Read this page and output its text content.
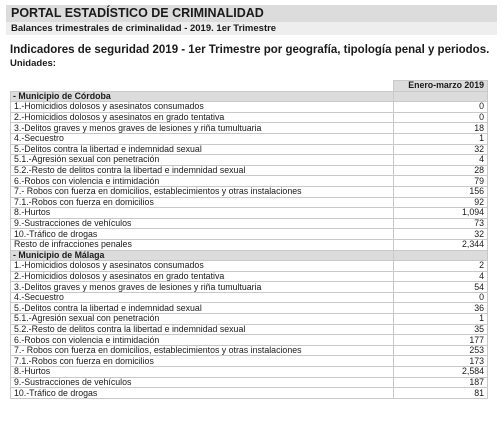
PORTAL ESTADÍSTICO DE CRIMINALIDAD
Balances trimestrales de criminalidad - 2019. 1er Trimestre
Indicadores de seguridad 2019 - 1er Trimestre por geografía, tipología penal y periodos.
Unidades:
	Enero-marzo 2019
- Municipio de Córdoba	
1.-Homicidios dolosos y asesinatos consumados	0
2.-Homicidios dolosos y asesinatos en grado tentativa	0
3.-Delitos graves y menos graves de lesiones y riña tumultuaria	18
4.-Secuestro	1
5.-Delitos contra la libertad e indemnidad sexual	32
5.1.-Agresión sexual con penetración	4
5.2.-Resto de delitos contra la libertad e indemnidad sexual	28
6.-Robos con violencia e intimidación	79
7.- Robos con fuerza en domicilios, establecimientos y otras instalaciones	156
7.1.-Robos con fuerza en domicilios	92
8.-Hurtos	1,094
9.-Sustracciones de vehículos	73
10.-Tráfico de drogas	32
Resto de infracciones penales	2,344
- Municipio de Málaga	
1.-Homicidios dolosos y asesinatos consumados	2
2.-Homicidios dolosos y asesinatos en grado tentativa	4
3.-Delitos graves y menos graves de lesiones y riña tumultuaria	54
4.-Secuestro	0
5.-Delitos contra la libertad e indemnidad sexual	36
5.1.-Agresión sexual con penetración	1
5.2.-Resto de delitos contra la libertad e indemnidad sexual	35
6.-Robos con violencia e intimidación	177
7.- Robos con fuerza en domicilios, establecimientos y otras instalaciones	253
7.1.-Robos con fuerza en domicilios	173
8.-Hurtos	2,584
9.-Sustracciones de vehículos	187
10.-Tráfico de drogas	81
